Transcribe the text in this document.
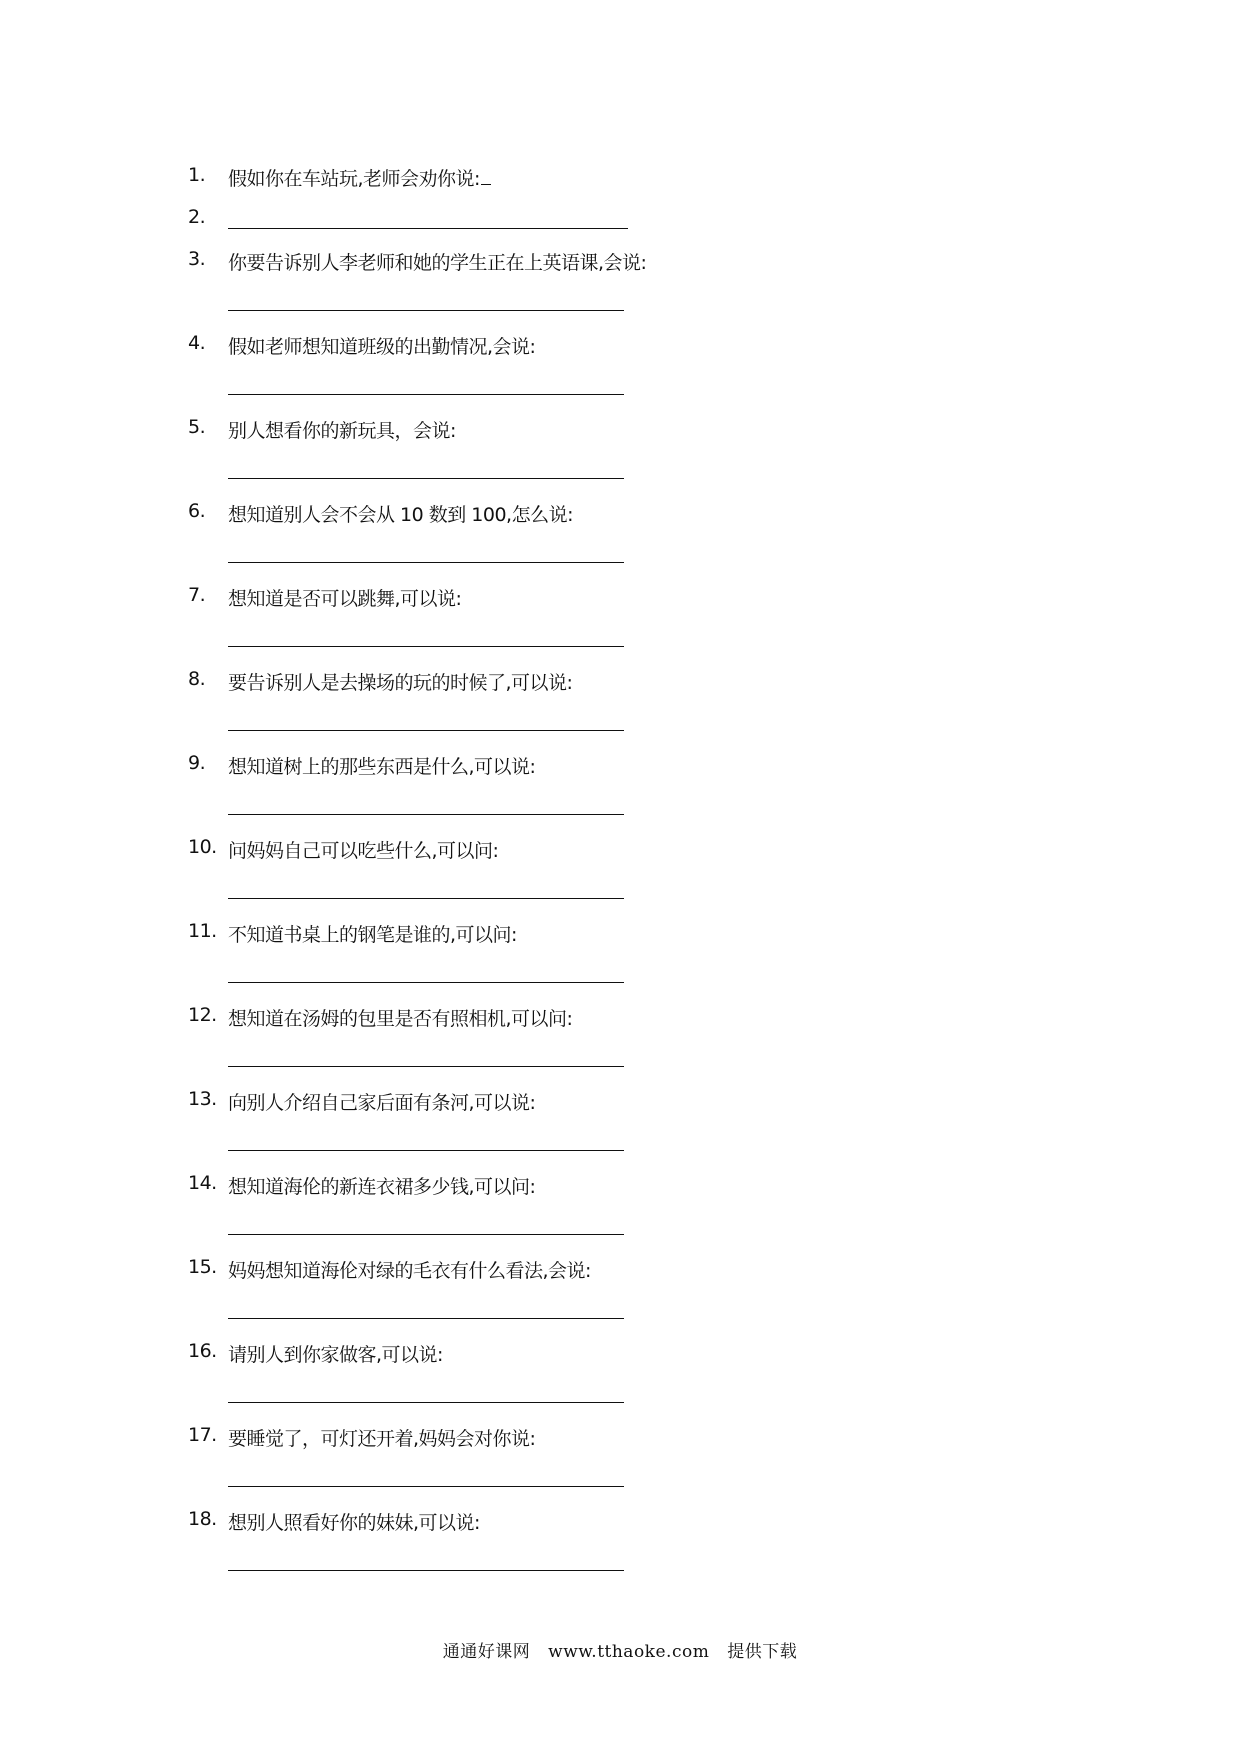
1. 假如你在车站玩,老师会劝你说:
2.
3. 你要告诉别人李老师和她的学生正在上英语课,会说:
4. 假如老师想知道班级的出勤情况,会说:
5. 别人想看你的新玩具，会说:
6. 想知道别人会不会从 10 数到 100,怎么说:
7. 想知道是否可以跳舞,可以说:
8. 要告诉别人是去操场的玩的时候了,可以说:
9. 想知道树上的那些东西是什么,可以说:
10. 问妈妈自己可以吃些什么,可以问:
11. 不知道书桌上的钢笔是谁的,可以问:
12. 想知道在汤姆的包里是否有照相机,可以问:
13. 向别人介绍自己家后面有条河,可以说:
14. 想知道海伦的新连衣裙多少钱,可以问:
15. 妈妈想知道海伦对绿的毛衣有什么看法,会说:
16. 请别人到你家做客,可以说:
17. 要睡觉了，可灯还开着,妈妈会对你说:
18. 想别人照看好你的妹妹,可以说:
通通好课网 www.tthaoke.com 提供下载
